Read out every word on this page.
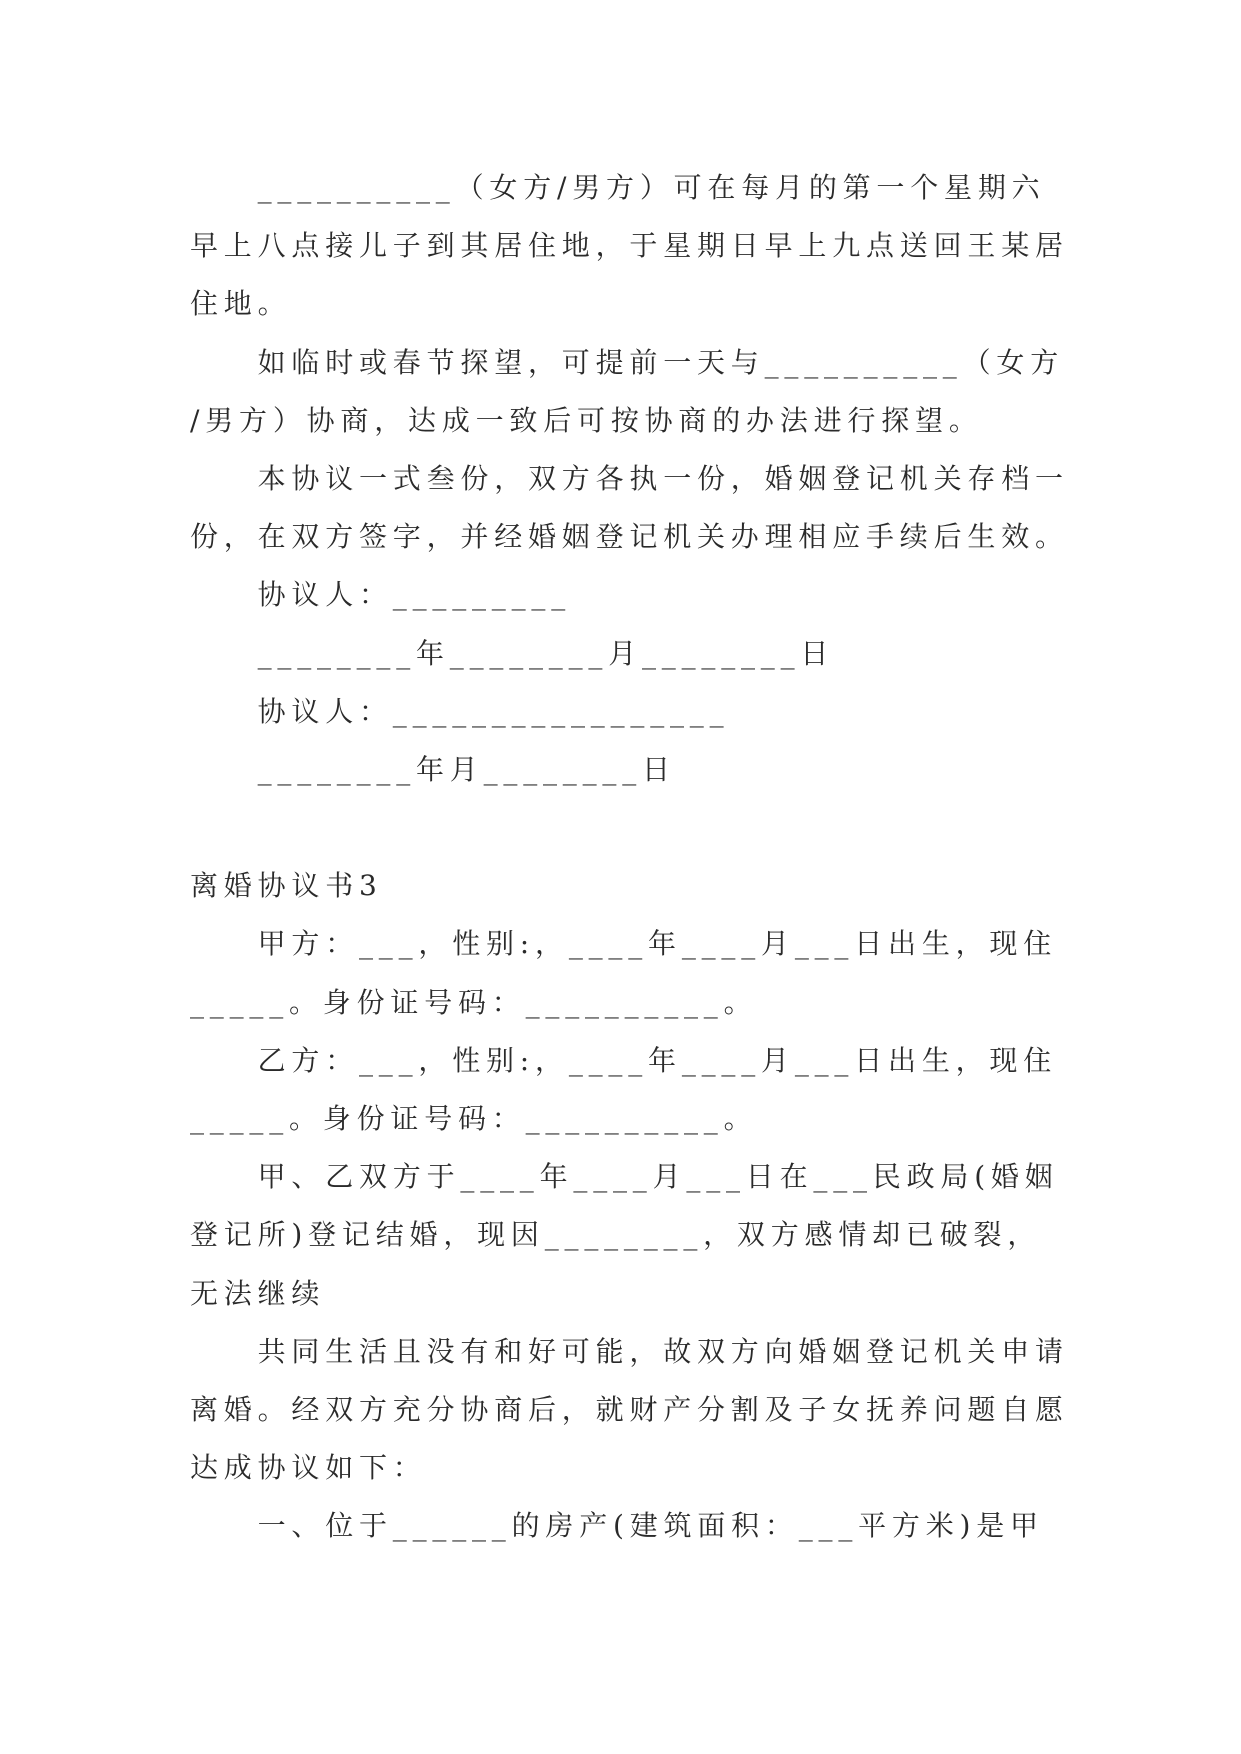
__________（女方/男方）可在每月的第一个星期六
早上八点接儿子到其居住地，于星期日早上九点送回王某居
住地。
如临时或春节探望，可提前一天与__________（女方
/男方）协商，达成一致后可按协商的办法进行探望。
本协议一式叁份，双方各执一份，婚姻登记机关存档一
份，在双方签字，并经婚姻登记机关办理相应手续后生效。
协议人：_________
________年________月________日
协议人：_________________
________年月________日
离婚协议书3
甲方：___，性别:，____年____月___日出生，现住
_____。身份证号码：__________。
乙方：___，性别:，____年____月___日出生，现住
_____。身份证号码：__________。
甲、乙双方于____年____月___日在___民政局(婚姻
登记所)登记结婚，现因________，双方感情却已破裂，
无法继续
共同生活且没有和好可能，故双方向婚姻登记机关申请
离婚。经双方充分协商后，就财产分割及子女抚养问题自愿
达成协议如下：
一、位于______的房产(建筑面积：___平方米)是甲
